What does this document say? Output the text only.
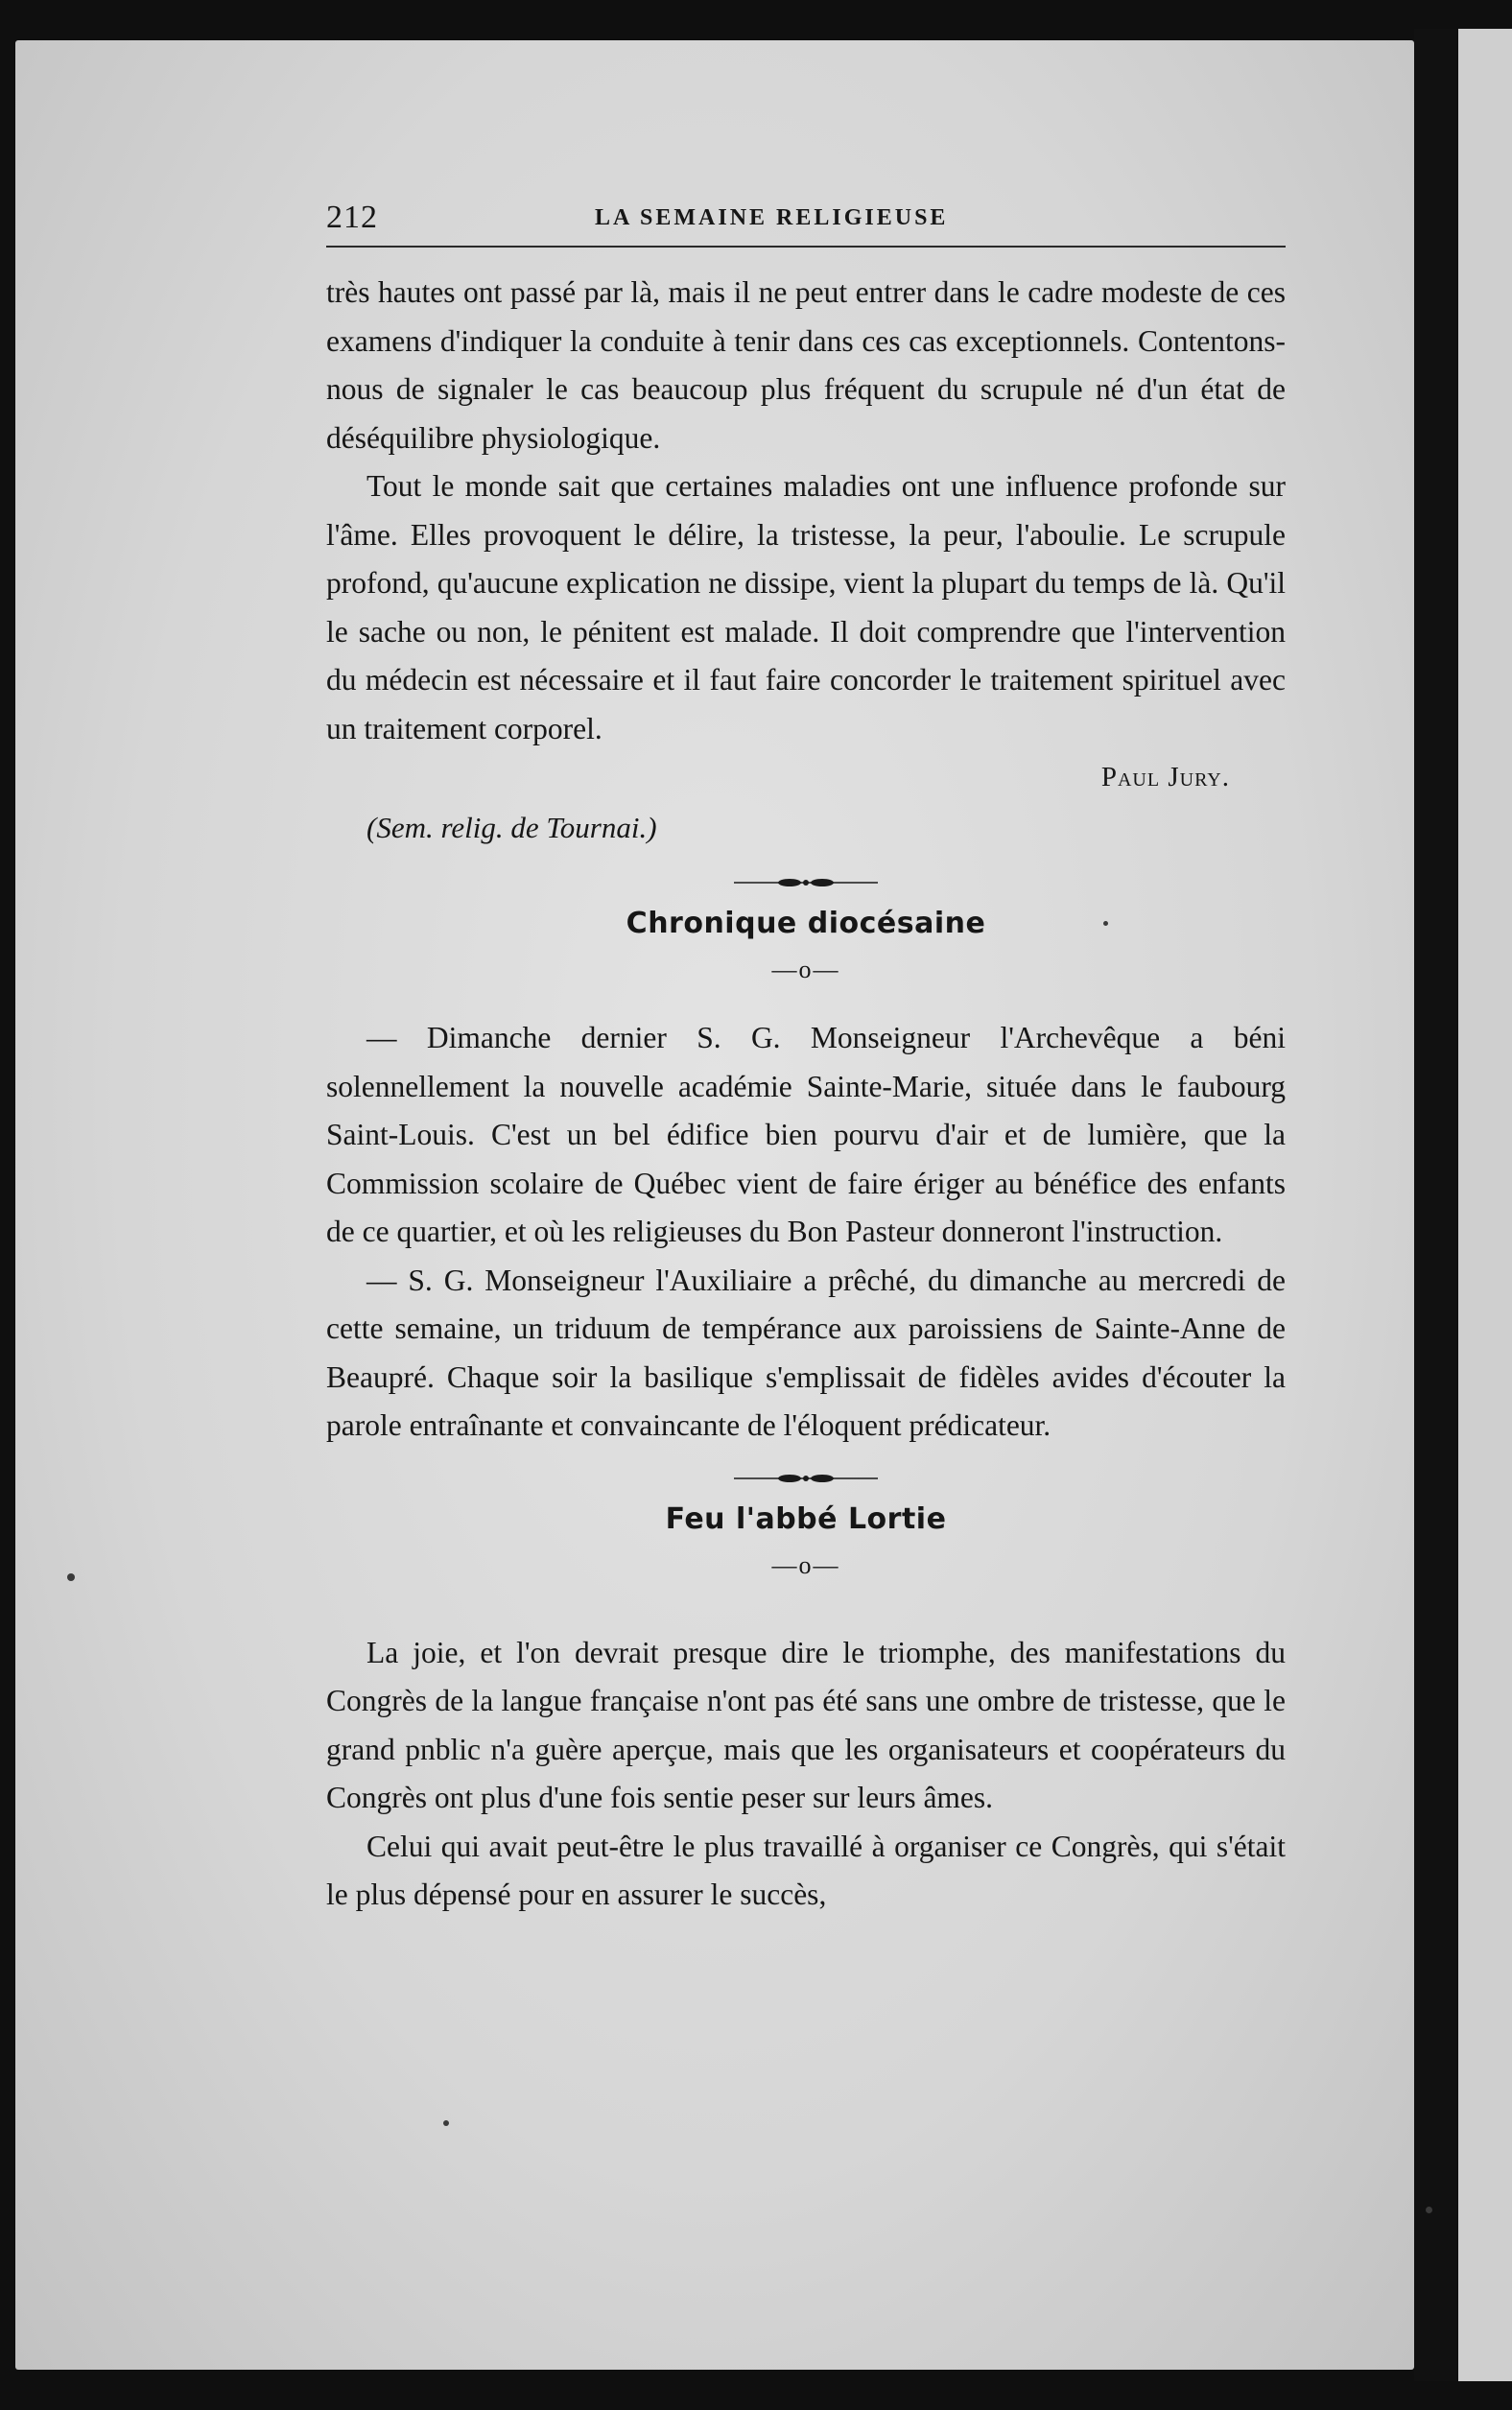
212	LA SEMAINE RELIGIEUSE

très hautes ont passé par là, mais il ne peut entrer dans le cadre modeste de ces examens d'indiquer la conduite à tenir dans ces cas exceptionnels. Contentons-nous de signaler le cas beaucoup plus fréquent du scrupule né d'un état de déséquilibre physiologique.

Tout le monde sait que certaines maladies ont une influence profonde sur l'âme. Elles provoquent le délire, la tristesse, la peur, l'aboulie. Le scrupule profond, qu'aucune explication ne dissipe, vient la plupart du temps de là. Qu'il le sache ou non, le pénitent est malade. Il doit comprendre que l'intervention du médecin est nécessaire et il faut faire concorder le traitement spirituel avec un traitement corporel.

Paul Jury.
(Sem. relig. de Tournai.)
Chronique diocésaine
—o—

— Dimanche dernier S. G. Monseigneur l'Archevêque a béni solennellement la nouvelle académie Sainte-Marie, située dans le faubourg Saint-Louis. C'est un bel édifice bien pourvu d'air et de lumière, que la Commission scolaire de Québec vient de faire ériger au bénéfice des enfants de ce quartier, et où les religieuses du Bon Pasteur donneront l'instruction.

— S. G. Monseigneur l'Auxiliaire a prêché, du dimanche au mercredi de cette semaine, un triduum de tempérance aux paroissiens de Sainte-Anne de Beaupré. Chaque soir la basilique s'emplissait de fidèles avides d'écouter la parole entraînante et convaincante de l'éloquent prédicateur.

Feu l'abbé Lortie
—o—

La joie, et l'on devrait presque dire le triomphe, des manifestations du Congrès de la langue française n'ont pas été sans une ombre de tristesse, que le grand pnblic n'a guère aperçue, mais que les organisateurs et coopérateurs du Congrès ont plus d'une fois sentie peser sur leurs âmes.

Celui qui avait peut-être le plus travaillé à organiser ce Congrès, qui s'était le plus dépensé pour en assurer le succès,
